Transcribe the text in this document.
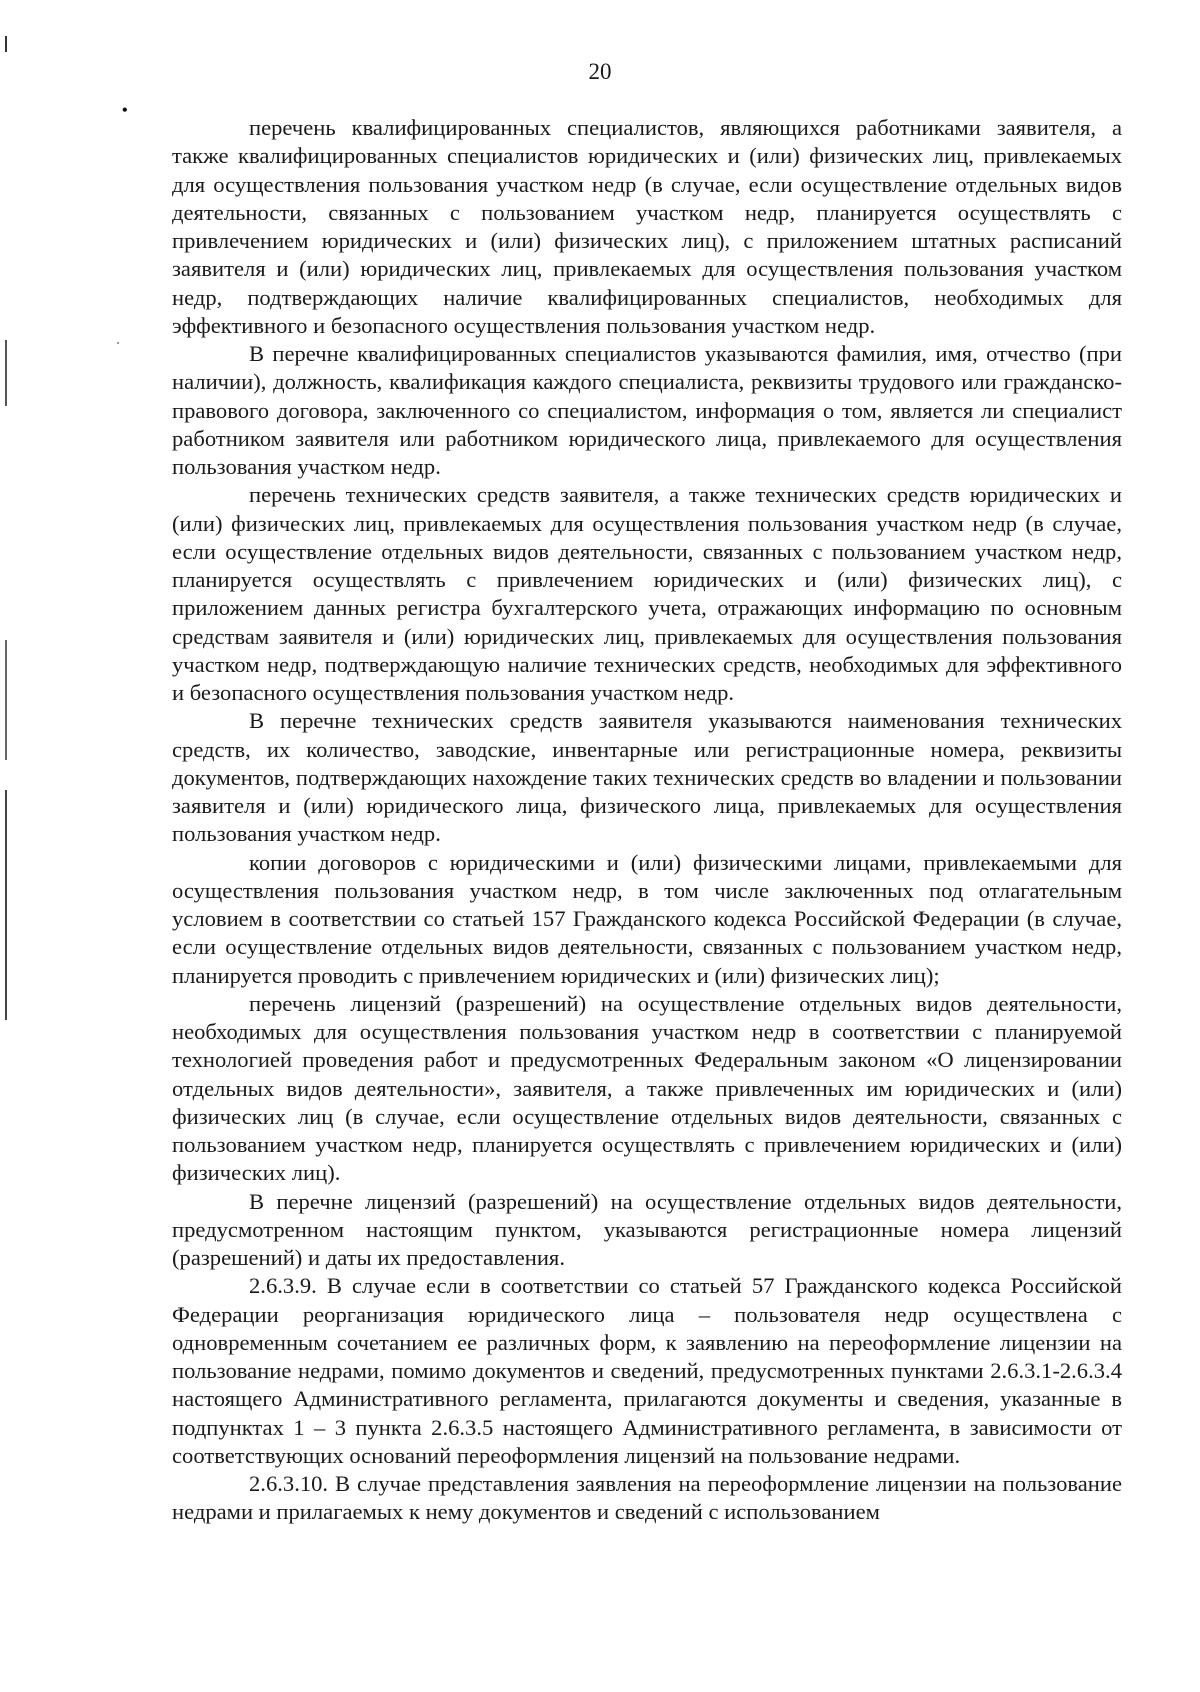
•
20

перечень квалифицированных специалистов, являющихся работниками заявителя, а также квалифицированных специалистов юридических и (или) физических лиц, привлекаемых для осуществления пользования участком недр (в случае, если осуществление отдельных видов деятельности, связанных с пользованием участком недр, планируется осуществлять с привлечением юридических и (или) физических лиц), с приложением штатных расписаний заявителя и (или) юридических лиц, привлекаемых для осуществления пользования участком недр, подтверждающих наличие квалифицированных специалистов, необходимых для эффективного и безопасного осуществления пользования участком недр.

В перечне квалифицированных специалистов указываются фамилия, имя, отчество (при наличии), должность, квалификация каждого специалиста, реквизиты трудового или гражданско-правового договора, заключенного со специалистом, информация о том, является ли специалист работником заявителя или работником юридического лица, привлекаемого для осуществления пользования участком недр.

перечень технических средств заявителя, а также технических средств юридических и (или) физических лиц, привлекаемых для осуществления пользования участком недр (в случае, если осуществление отдельных видов деятельности, связанных с пользованием участком недр, планируется осуществлять с привлечением юридических и (или) физических лиц), с приложением данных регистра бухгалтерского учета, отражающих информацию по основным средствам заявителя и (или) юридических лиц, привлекаемых для осуществления пользования участком недр, подтверждающую наличие технических средств, необходимых для эффективного и безопасного осуществления пользования участком недр.

В перечне технических средств заявителя указываются наименования технических средств, их количество, заводские, инвентарные или регистрационные номера, реквизиты документов, подтверждающих нахождение таких технических средств во владении и пользовании заявителя и (или) юридического лица, физического лица, привлекаемых для осуществления пользования участком недр.

копии договоров с юридическими и (или) физическими лицами, привлекаемыми для осуществления пользования участком недр, в том числе заключенных под отлагательным условием в соответствии со статьей 157 Гражданского кодекса Российской Федерации (в случае, если осуществление отдельных видов деятельности, связанных с пользованием участком недр, планируется проводить с привлечением юридических и (или) физических лиц);

перечень лицензий (разрешений) на осуществление отдельных видов деятельности, необходимых для осуществления пользования участком недр в соответствии с планируемой технологией проведения работ и предусмотренных Федеральным законом «О лицензировании отдельных видов деятельности», заявителя, а также привлеченных им юридических и (или) физических лиц (в случае, если осуществление отдельных видов деятельности, связанных с пользованием участком недр, планируется осуществлять с привлечением юридических и (или) физических лиц).

В перечне лицензий (разрешений) на осуществление отдельных видов деятельности, предусмотренном настоящим пунктом, указываются регистрационные номера лицензий (разрешений) и даты их предоставления.

2.6.3.9. В случае если в соответствии со статьей 57 Гражданского кодекса Российской Федерации реорганизация юридического лица – пользователя недр осуществлена с одновременным сочетанием ее различных форм, к заявлению на переоформление лицензии на пользование недрами, помимо документов и сведений, предусмотренных пунктами 2.6.3.1-2.6.3.4 настоящего Административного регламента, прилагаются документы и сведения, указанные в подпунктах 1 – 3 пункта 2.6.3.5 настоящего Административного регламента, в зависимости от соответствующих оснований переоформления лицензий на пользование недрами.

2.6.3.10. В случае представления заявления на переоформление лицензии на пользование недрами и прилагаемых к нему документов и сведений с использованием
